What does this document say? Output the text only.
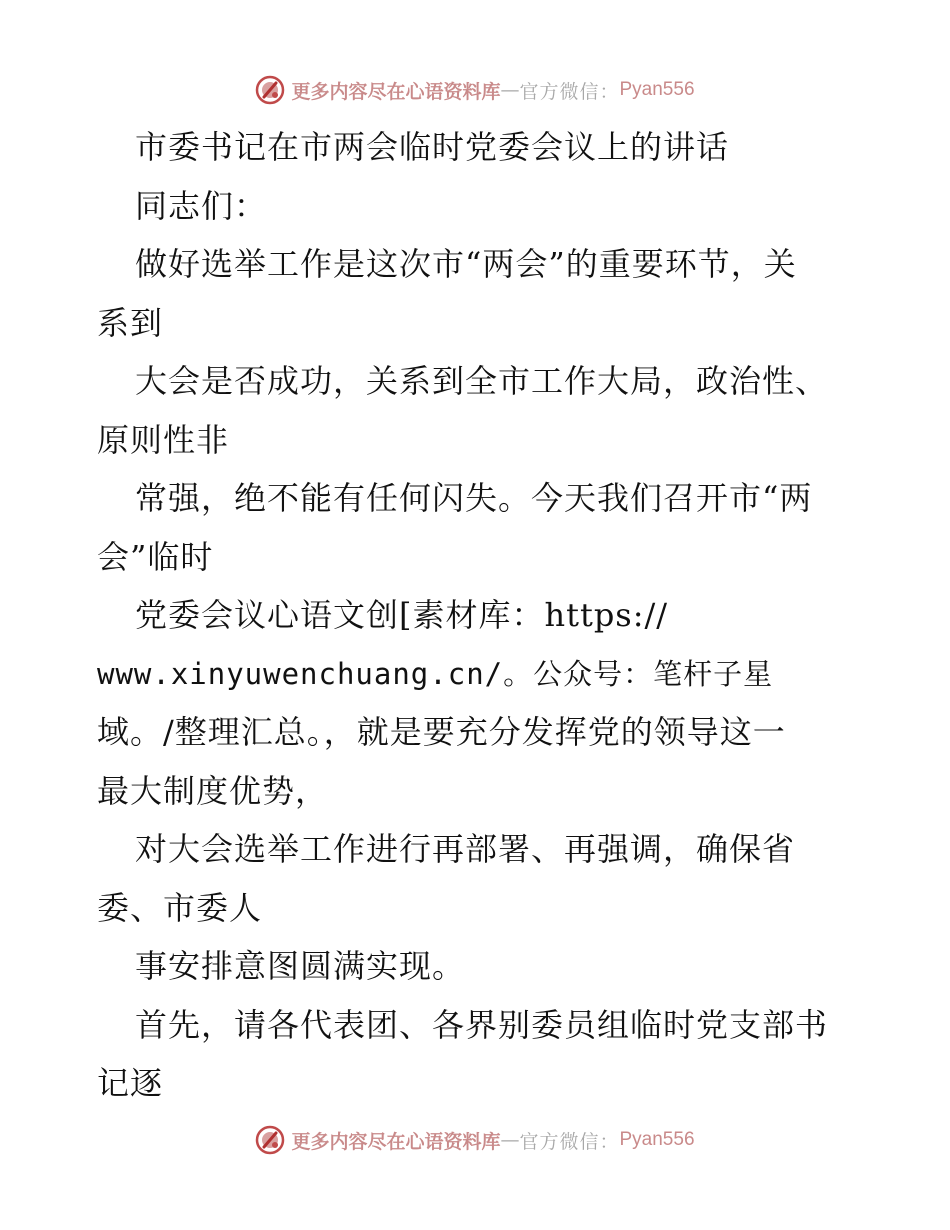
更多内容尽在心语资料库 — 官方微信： Pyan556
市委书记在市两会临时党委会议上的讲话
同志们：
做好选举工作是这次市“两会”的重要环节，关
系到
大会是否成功，关系到全市工作大局，政治性、
原则性非
常强，绝不能有任何闪失。今天我们召开市“两
会”临时
党委会议心语文创[素材库：https://
www.xinyuwenchuang.cn/。公众号：笔杆子星
域。/整理汇总。，就是要充分发挥党的领导这一
最大制度优势，
对大会选举工作进行再部署、再强调，确保省
委、市委人
事安排意图圆满实现。
首先，请各代表团、各界别委员组临时党支部书
记逐
更多内容尽在心语资料库 — 官方微信： Pyan556
